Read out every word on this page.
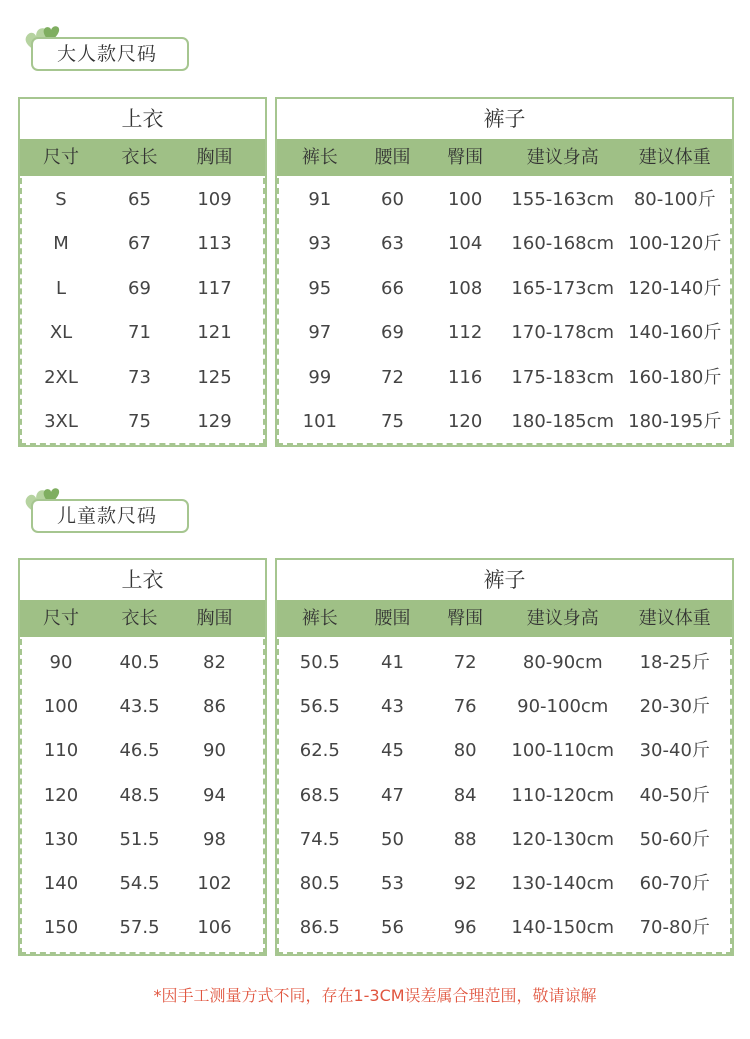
大人款尺码
上衣
尺寸	衣长	胸围
S	65	109
M	67	113
L	69	117
XL	71	121
2XL	73	125
3XL	75	129
裤子
裤长	腰围	臀围	建议身高	建议体重
91	60	100	155-163cm	80-100斤
93	63	104	160-168cm 100-120斤
95	66	108	165-173cm 120-140斤
97	69	112	170-178cm 140-160斤
99	72	116	175-183cm 160-180斤
101	75	120	180-185cm 180-195斤
儿童款尺码
上衣
尺寸	衣长	胸围
90	40.5	82
100	43.5	86
110	46.5	90
120	48.5	94
130	51.5	98
140	54.5	102
150	57.5	106
裤子
裤长	腰围	臀围	建议身高	建议体重
50.5	41	72	80-90cm	18-25斤
56.5	43	76	90-100cm	20-30斤
62.5	45	80	100-110cm	30-40斤
68.5	47	84	110-120cm	40-50斤
74.5	50	88	120-130cm	50-60斤
80.5	53	92	130-140cm	60-70斤
86.5	56	96	140-150cm	70-80斤
*因手工测量方式不同，存在1-3CM误差属合理范围，敬请谅解
